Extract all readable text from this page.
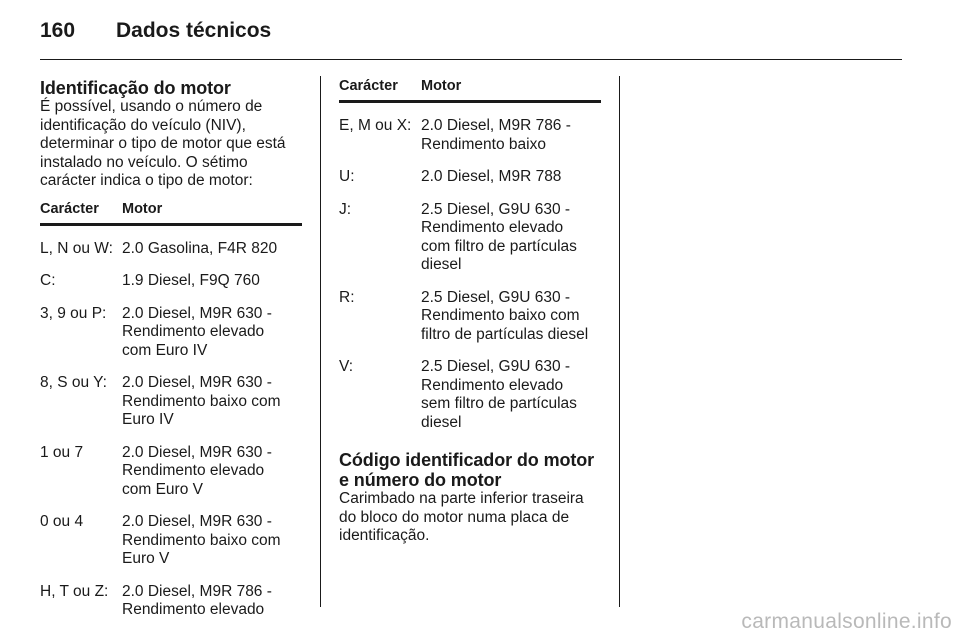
160 Dados técnicos
Identificação do motor

É possível, usando o número de identificação do veículo (NIV), determinar o tipo de motor que está instalado no veículo. O sétimo carácter indica o tipo de motor:

Carácter	Motor
L, N ou W:	2.0 Gasolina, F4R 820
C:	1.9 Diesel, F9Q 760
3, 9 ou P:	2.0 Diesel, M9R 630 -
Rendimento elevado
com Euro IV
8, S ou Y:	2.0 Diesel, M9R 630 -
Rendimento baixo com
Euro IV
1 ou 7	2.0 Diesel, M9R 630 -
Rendimento elevado
com Euro V
0 ou 4	2.0 Diesel, M9R 630 -
Rendimento baixo com
Euro V
H, T ou Z:	2.0 Diesel, M9R 786 -
Rendimento elevado
Carácter	Motor
E, M ou X:	2.0 Diesel, M9R 786 -
Rendimento baixo
U:	2.0 Diesel, M9R 788
J:	2.5 Diesel, G9U 630 -
Rendimento elevado
com filtro de partículas
diesel
R:	2.5 Diesel, G9U 630 -
Rendimento baixo com
filtro de partículas diesel
V:	2.5 Diesel, G9U 630 -
Rendimento elevado
sem filtro de partículas
diesel
Código identificador do motor e número do motor

Carimbado na parte inferior traseira do bloco do motor numa placa de identificação.

carmanualsonline.info
